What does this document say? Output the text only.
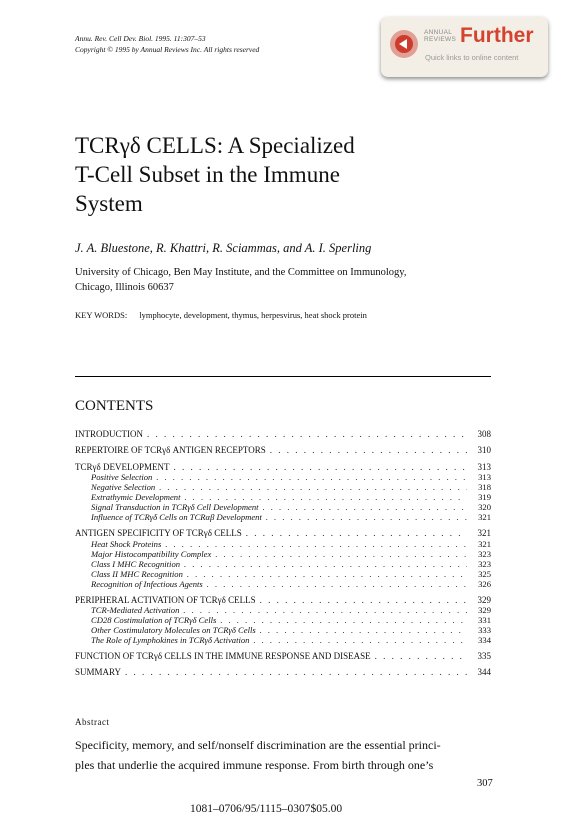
Annu. Rev. Cell Dev. Biol. 1995. 11:307–53
Copyright © 1995 by Annual Reviews Inc. All rights reserved
ANNUAL
REVIEWS Further
Quick links to online content
TCRγδ CELLS: A Specialized
T-Cell Subset in the Immune
System
J. A. Bluestone, R. Khattri, R. Sciammas, and A. I. Sperling
University of Chicago, Ben May Institute, and the Committee on Immunology,
Chicago, Illinois 60637
KEY WORDS: lymphocyte, development, thymus, herpesvirus, heat shock protein
CONTENTS
INTRODUCTION . . .	308
REPERTOIRE OF TCRγδ ANTIGEN RECEPTORS . . .	310
TCRγδ DEVELOPMENT . . .	313
Positive Selection . . .	313
Negative Selection . . .	318
Extrathymic Development . . .	319
Signal Transduction in TCRγδ Cell Development . . .	320
Influence of TCRγδ Cells on TCRαβ Development . . .	321
ANTIGEN SPECIFICITY OF TCRγδ CELLS . . .	321
Heat Shock Proteins . . .	321
Major Histocompatibility Complex . . .	323
Class I MHC Recognition . . .	323
Class II MHC Recognition . . .	325
Recognition of Infectious Agents . . .	326
PERIPHERAL ACTIVATION OF TCRγδ CELLS . . .	329
TCR-Mediated Activation . . .	329
CD28 Costimulation of TCRγδ Cells . . .	331
Other Costimulatory Molecules on TCRγδ Cells . . .	333
The Role of Lymphokines in TCRγδ Activation . . .	334
FUNCTION OF TCRγδ CELLS IN THE IMMUNE RESPONSE AND DISEASE . . .	335
SUMMARY . . .	344
Abstract
Specificity, memory, and self/nonself discrimination are the essential princi-
ples that underlie the acquired immune response. From birth through one’s
307
1081–0706/95/1115–0307$05.00
